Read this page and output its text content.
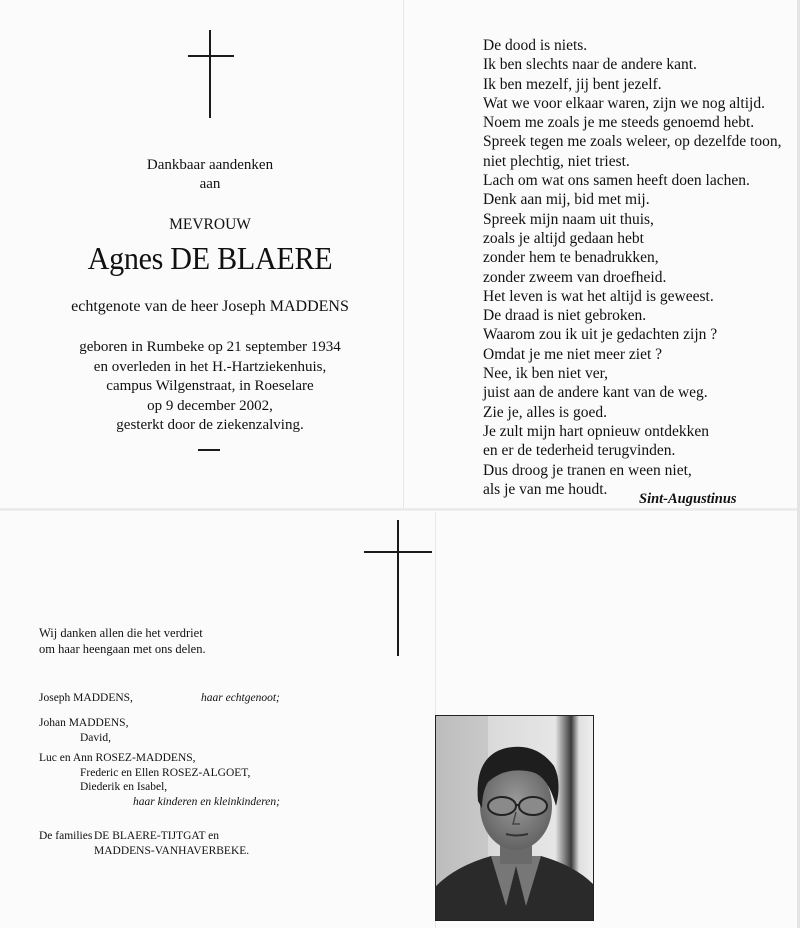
Dankbaar aandenken
aan
MEVROUW
Agnes DE BLAERE
echtgenote van de heer Joseph MADDENS
geboren in Rumbeke op 21 september 1934
en overleden in het H.-Hartziekenhuis,
campus Wilgenstraat, in Roeselare
op 9 december 2002,
gesterkt door de ziekenzalving.
De dood is niets.
Ik ben slechts naar de andere kant.
Ik ben mezelf, jij bent jezelf.
Wat we voor elkaar waren, zijn we nog altijd.
Noem me zoals je me steeds genoemd hebt.
Spreek tegen me zoals weleer, op dezelfde toon,
niet plechtig, niet triest.
Lach om wat ons samen heeft doen lachen.
Denk aan mij, bid met mij.
Spreek mijn naam uit thuis,
zoals je altijd gedaan hebt
zonder hem te benadrukken,
zonder zweem van droefheid.
Het leven is wat het altijd is geweest.
De draad is niet gebroken.
Waarom zou ik uit je gedachten zijn ?
Omdat je me niet meer ziet ?
Nee, ik ben niet ver,
juist aan de andere kant van de weg.
Zie je, alles is goed.
Je zult mijn hart opnieuw ontdekken
en er de tederheid terugvinden.
Dus droog je tranen en ween niet,
als je van me houdt.
Sint-Augustinus
Wij danken allen die het verdriet
om haar heengaan met ons delen.
Joseph MADDENS,	haar echtgenoot;
Johan MADDENS,
David,
Luc en Ann ROSEZ-MADDENS,
Frederic en Ellen ROSEZ-ALGOET,
Diederik en Isabel,
haar kinderen en kleinkinderen;
De families DE BLAERE-TIJTGAT en
MADDENS-VANHAVERBEKE.
